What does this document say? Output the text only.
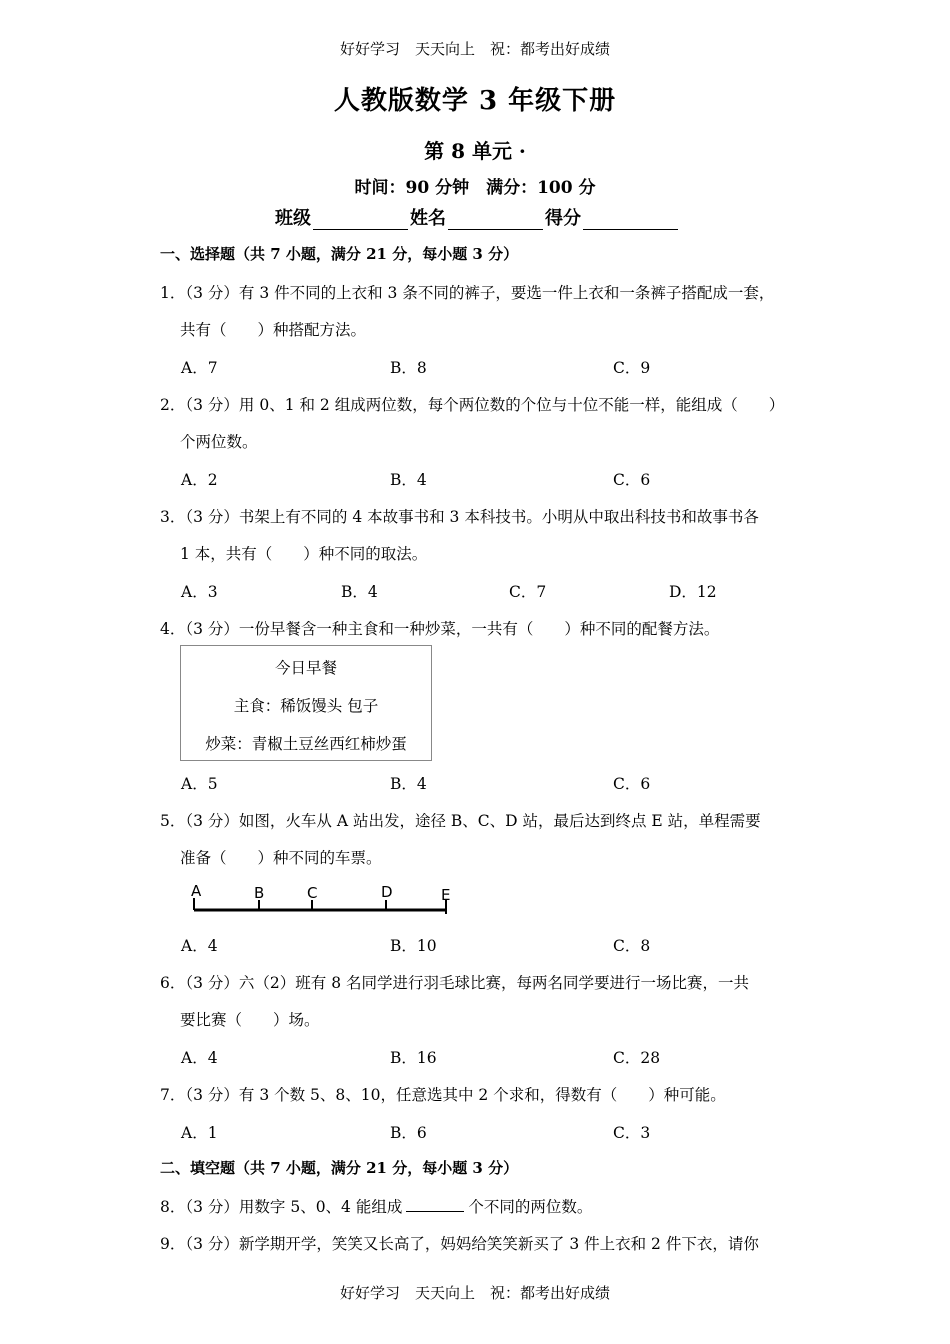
好好学习　天天向上　祝：都考出好成绩
人教版数学 3 年级下册
第 8 单元 ·
时间：90 分钟　满分：100 分
班级	姓名	得分
一、选择题（共 7 小题，满分 21 分，每小题 3 分）
1．（3 分）有 3 件不同的上衣和 3 条不同的裤子，要选一件上衣和一条裤子搭配成一套，
共有（　　）种搭配方法。
A．7	B．8	C．9
2．（3 分）用 0、1 和 2 组成两位数，每个两位数的个位与十位不能一样，能组成（　　）
个两位数。
A．2	B．4	C．6
3．（3 分）书架上有不同的 4 本故事书和 3 本科技书。小明从中取出科技书和故事书各
1 本，共有（　　）种不同的取法。
A．3	B．4	C．7	D．12
4．（3 分）一份早餐含一种主食和一种炒菜，一共有（　　）种不同的配餐方法。
今日早餐
主食：稀饭馒头 包子
炒菜：青椒土豆丝西红柿炒蛋
A．5	B．4	C．6
5．（3 分）如图，火车从 A 站出发，途径 B、C、D 站，最后达到终点 E 站，单程需要
准备（　　）种不同的车票。
A	B	C	D	E
A．4	B．10	C．8
6．（3 分）六（2）班有 8 名同学进行羽毛球比赛，每两名同学要进行一场比赛，一共
要比赛（　　）场。
A．4	B．16	C．28
7．（3 分）有 3 个数 5、8、10，任意选其中 2 个求和，得数有（　　）种可能。
A．1	B．6	C．3
二、填空题（共 7 小题，满分 21 分，每小题 3 分）
8．（3 分）用数字 5、0、4 能组成	个不同的两位数。
9．（3 分）新学期开学，笑笑又长高了，妈妈给笑笑新买了 3 件上衣和 2 件下衣，请你
好好学习　天天向上　祝：都考出好成绩
